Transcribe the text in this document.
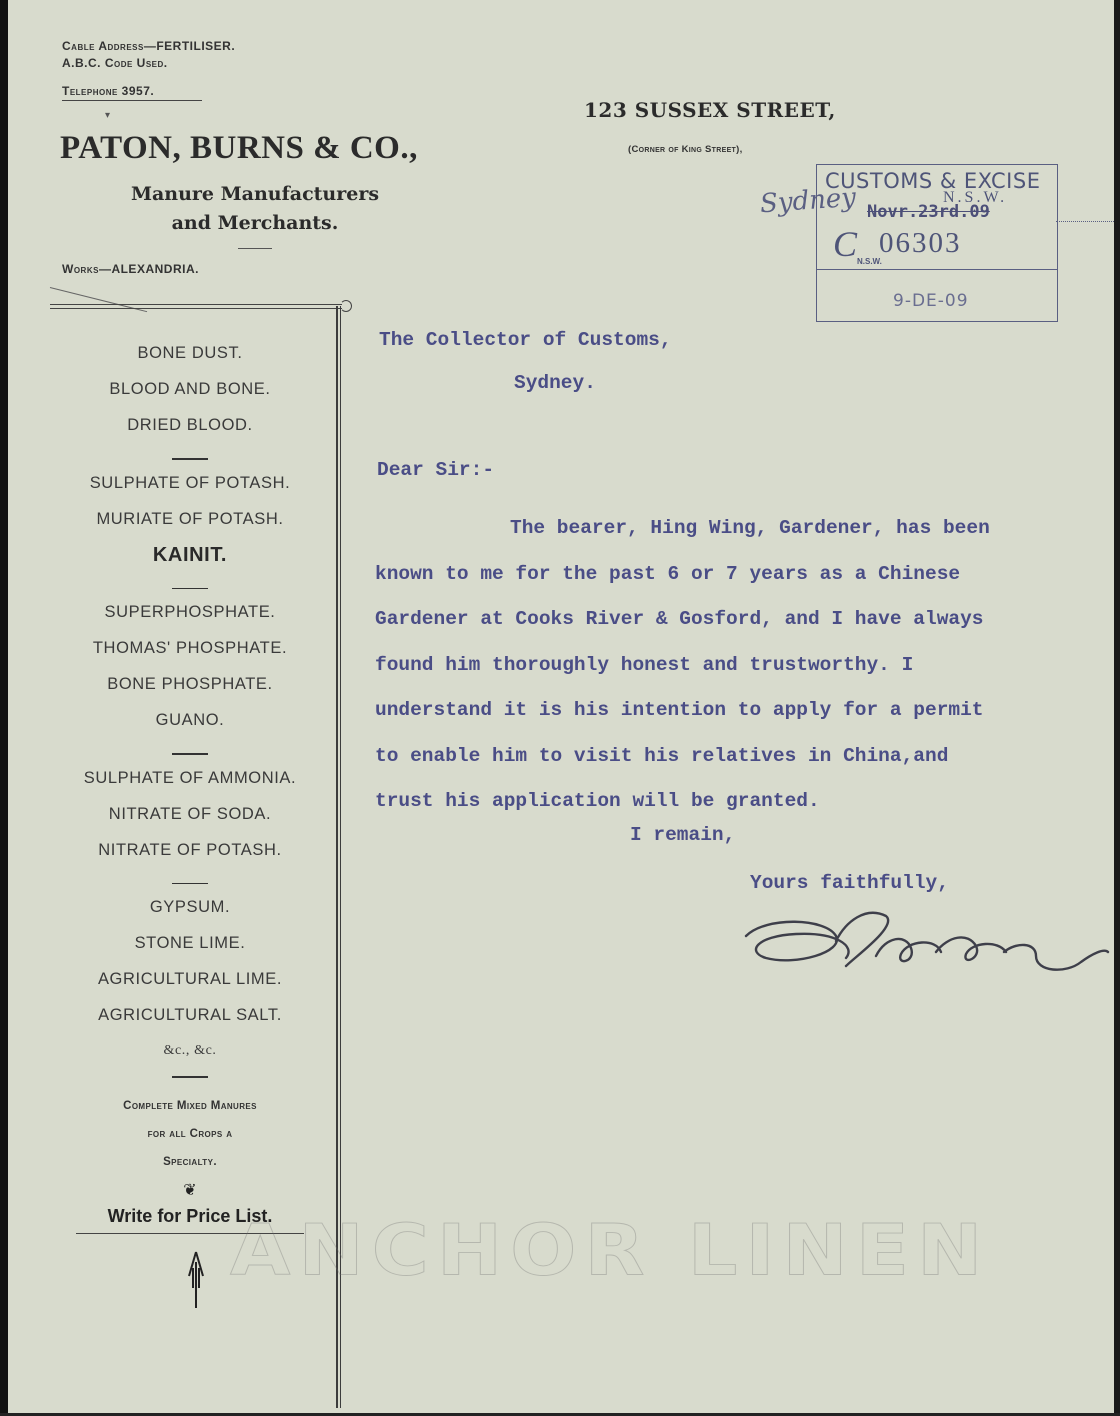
Cable Address—FERTILISER.
A.B.C. Code Used.
Telephone 3957.
▾
PATON, BURNS & CO.,
Manure Manufacturers
and Merchants.
Works—ALEXANDRIA.
123 SUSSEX STREET,
(Corner of King Street),
BONE DUST.
BLOOD AND BONE.
DRIED BLOOD.
SULPHATE OF POTASH.
MURIATE OF POTASH.
KAINIT.
SUPERPHOSPHATE.
THOMAS' PHOSPHATE.
BONE PHOSPHATE.
GUANO.
SULPHATE OF AMMONIA.
NITRATE OF SODA.
NITRATE OF POTASH.
GYPSUM.
STONE LIME.
AGRICULTURAL LIME.
AGRICULTURAL SALT.
&c., &c.
Complete Mixed Manures
for all Crops a
Specialty.
❦
Write for Price List.
Sydney
CUSTOMS & EXCISE
N.S.W.
Novr.23rd.09
C 06303
N.S.W.
9-DE-09
The Collector of Customs,
Sydney.
Dear Sir:-
The bearer, Hing Wing, Gardener, has been
known to me for the past 6 or 7 years as a Chinese
Gardener at Cooks River & Gosford, and I have always
found him thoroughly honest and trustworthy. I
understand it is his intention to apply for a permit
to enable him to visit his relatives in China,and
trust his application will be granted.
I remain,
Yours faithfully,
ANCHOR LINEN
